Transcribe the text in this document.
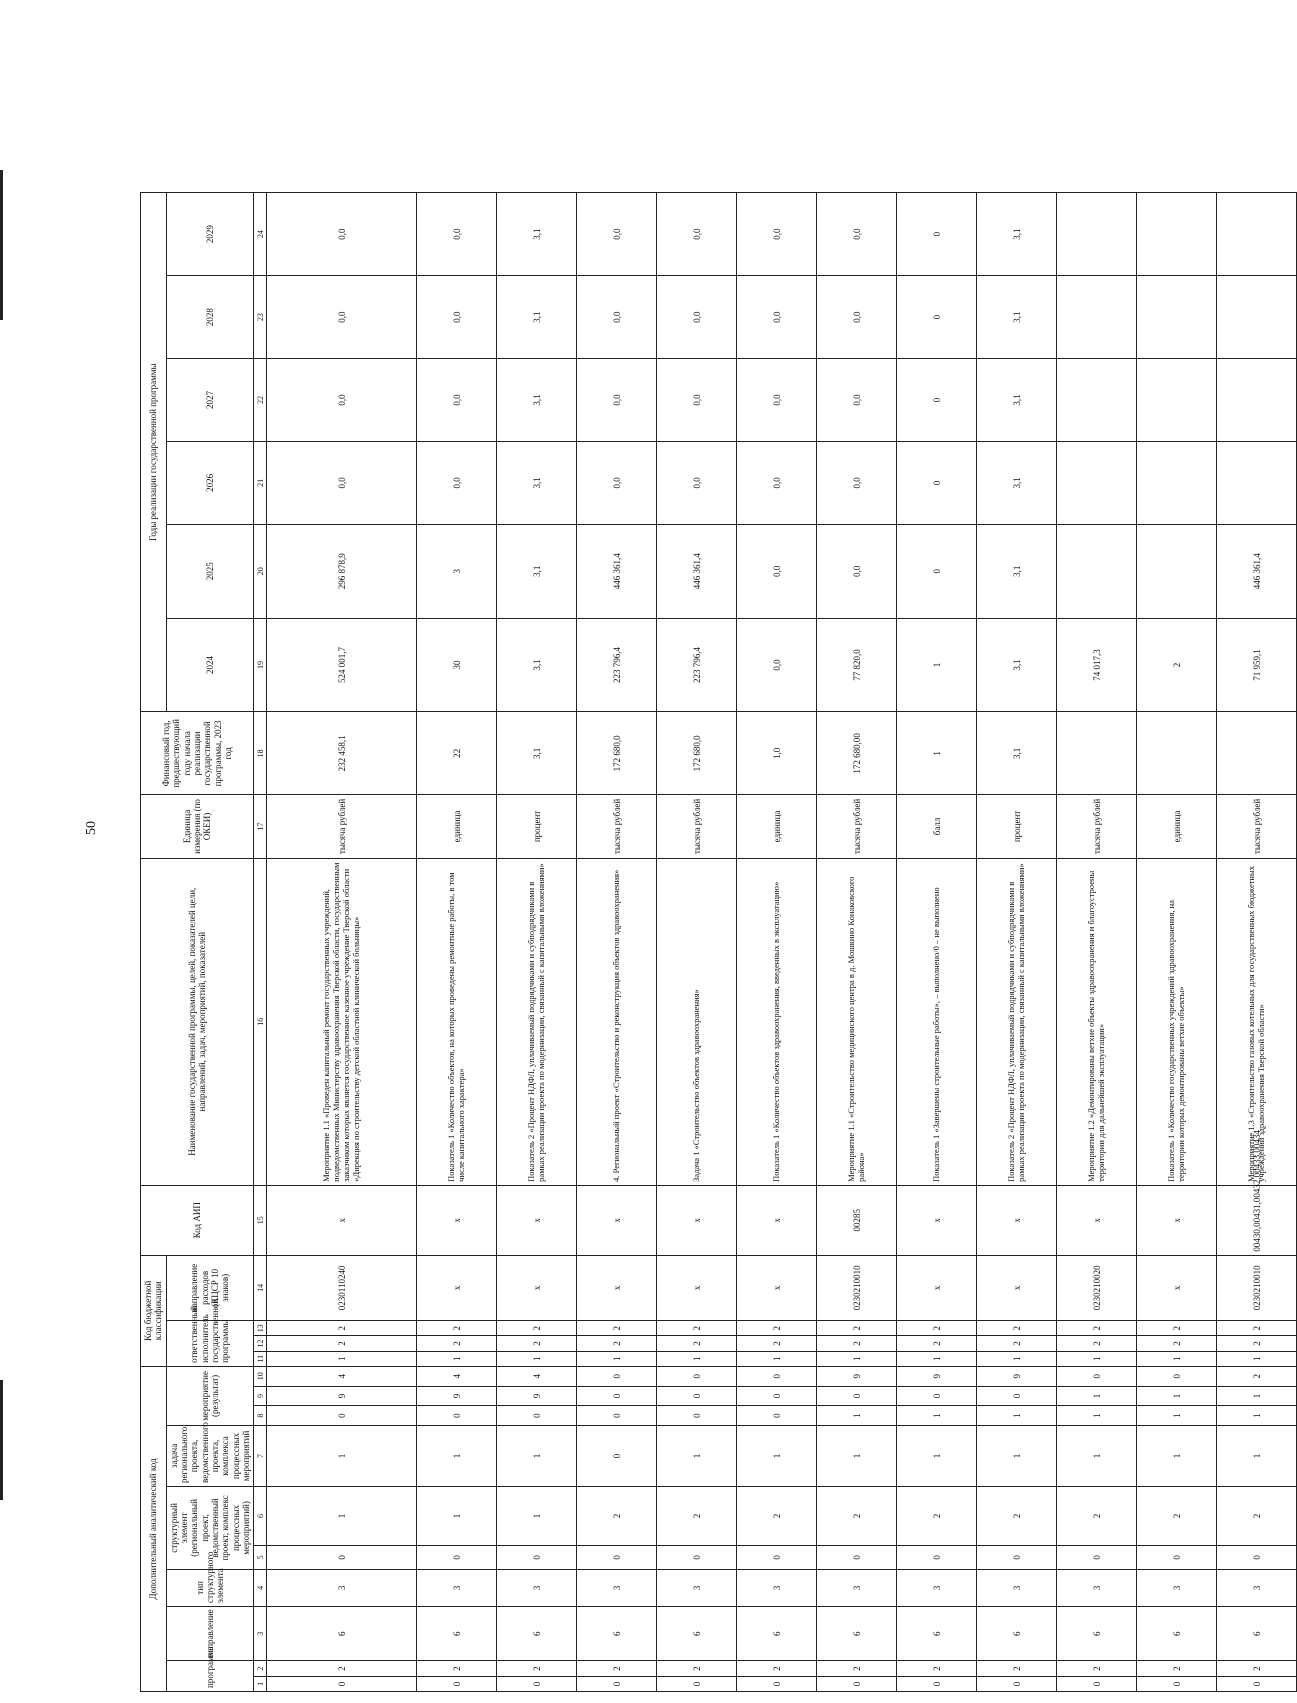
50
Дополнительный аналитический код										Код бюджетной классификации				Код АИП	Наименование государственной программы, целей, показателей цели, направлений, задач, мероприятий, показателей	Единица измерения (по ОКЕИ)	Финансовый год, предшествующий году начала реализации государственной программы, 2023 год	Годы реализации государственной программы					
программа		направление	тип структурного элемента	структурный элемент (региональный проект, ведомственный проект, комплекс процессных мероприятий)		задача регионального проекта, ведомственного проекта, комплекса процессных мероприятий	мероприятие (результат)			ответственный исполнитель государственной программы			направление расходов (КЦСР 10 знаков)					2024	2025	2026	2027	2028	2029
1	2	3	4	5	6	7	8	9	10	11	12	13	14	15	16	17	18	19	20	21	22	23	24
0	2	6	3	0	1	1	0	9	4	1	2	2	0230110240	х	Мероприятие 1.1 «Проведен капитальный ремонт государственных учреждений, подведомственных Министерству здравоохранения Тверской области, государственным заказчиком которых является государственное казенное учреждение Тверской области «Дирекция по строительству детской областной клинической больницы»	тысяча рублей	232 458,1	524 001,7	296 878,9	0,0	0,0	0,0	0,0
0	2	6	3	0	1	1	0	9	4	1	2	2	х	х	Показатель 1 «Количество объектов, на которых проведены ремонтные работы, в том числе капитального характера»	единица	22	30	3	0,0	0,0	0,0	0,0
0	2	6	3	0	1	1	0	9	4	1	2	2	х	х	Показатель 2 «Процент НДФЛ, уплачиваемый подрядчиками и субподрядчиками в рамках реализации проекта по модернизации, связанный с капитальными вложениями»	процент	3,1	3,1	3,1	3,1	3,1	3,1	3,1
0	2	6	3	0	2	0	0	0	0	1	2	2	х	х	4. Региональный проект «Строительство и реконструкция объектов здравоохранения»	тысяча рублей	172 680,0	223 796,4	446 361,4	0,0	0,0	0,0	0,0
0	2	6	3	0	2	1	0	0	0	1	2	2	х	х	Задача 1 «Строительство объектов здравоохранения»	тысяча рублей	172 680,0	223 796,4	446 361,4	0,0	0,0	0,0	0,0
0	2	6	3	0	2	1	0	0	0	1	2	2	х	х	Показатель 1 «Количество объектов здравоохранения, введенных в эксплуатацию»	единица	1,0	0,0	0,0	0,0	0,0	0,0	0,0
0	2	6	3	0	2	1	1	0	9	1	2	2	0230210010	00285	Мероприятие 1.1 «Строительство медицинского центра в д. Мошкино Конаковского района»	тысяча рублей	172 680,00	77 820,0	0,0	0,0	0,0	0,0	0,0
0	2	6	3	0	2	1	1	0	9	1	2	2	х	х	Показатель 1 «Завершены строительные работы», – выполнено/0 – не выполнено	балл	1	1	0	0	0	0	0
0	2	6	3	0	2	1	1	0	9	1	2	2	х	х	Показатель 2 «Процент НДФЛ, уплачиваемый подрядчиками и субподрядчиками в рамках реализации проекта по модернизации, связанный с капитальными вложениями»	процент	3,1	3,1	3,1	3,1	3,1	3,1	3,1
0	2	6	3	0	2	1	1	1	0	1	2	2	0230210020	х	Мероприятие 1.2 «Демонтированы ветхие объекты здравоохранения и благоустроены территории для дальнейшей эксплуатации»	тысяча рублей		74 017,3					
0	2	6	3	0	2	1	1	1	0	1	2	2	х	х	Показатель 1 «Количество государственных учреждений здравоохранения, на территории которых демонтированы ветхие объекты»	единица		2					
0	2	6	3	0	2	1	1	1	2	1	2	2	0230210010	00430,00431,00432,00433,00434	Мероприятие 1.3 «Строительство газовых котельных для государственных бюджетных учреждений здравоохранения Тверской области»	тысяча рублей		71 959,1	446 361,4				
